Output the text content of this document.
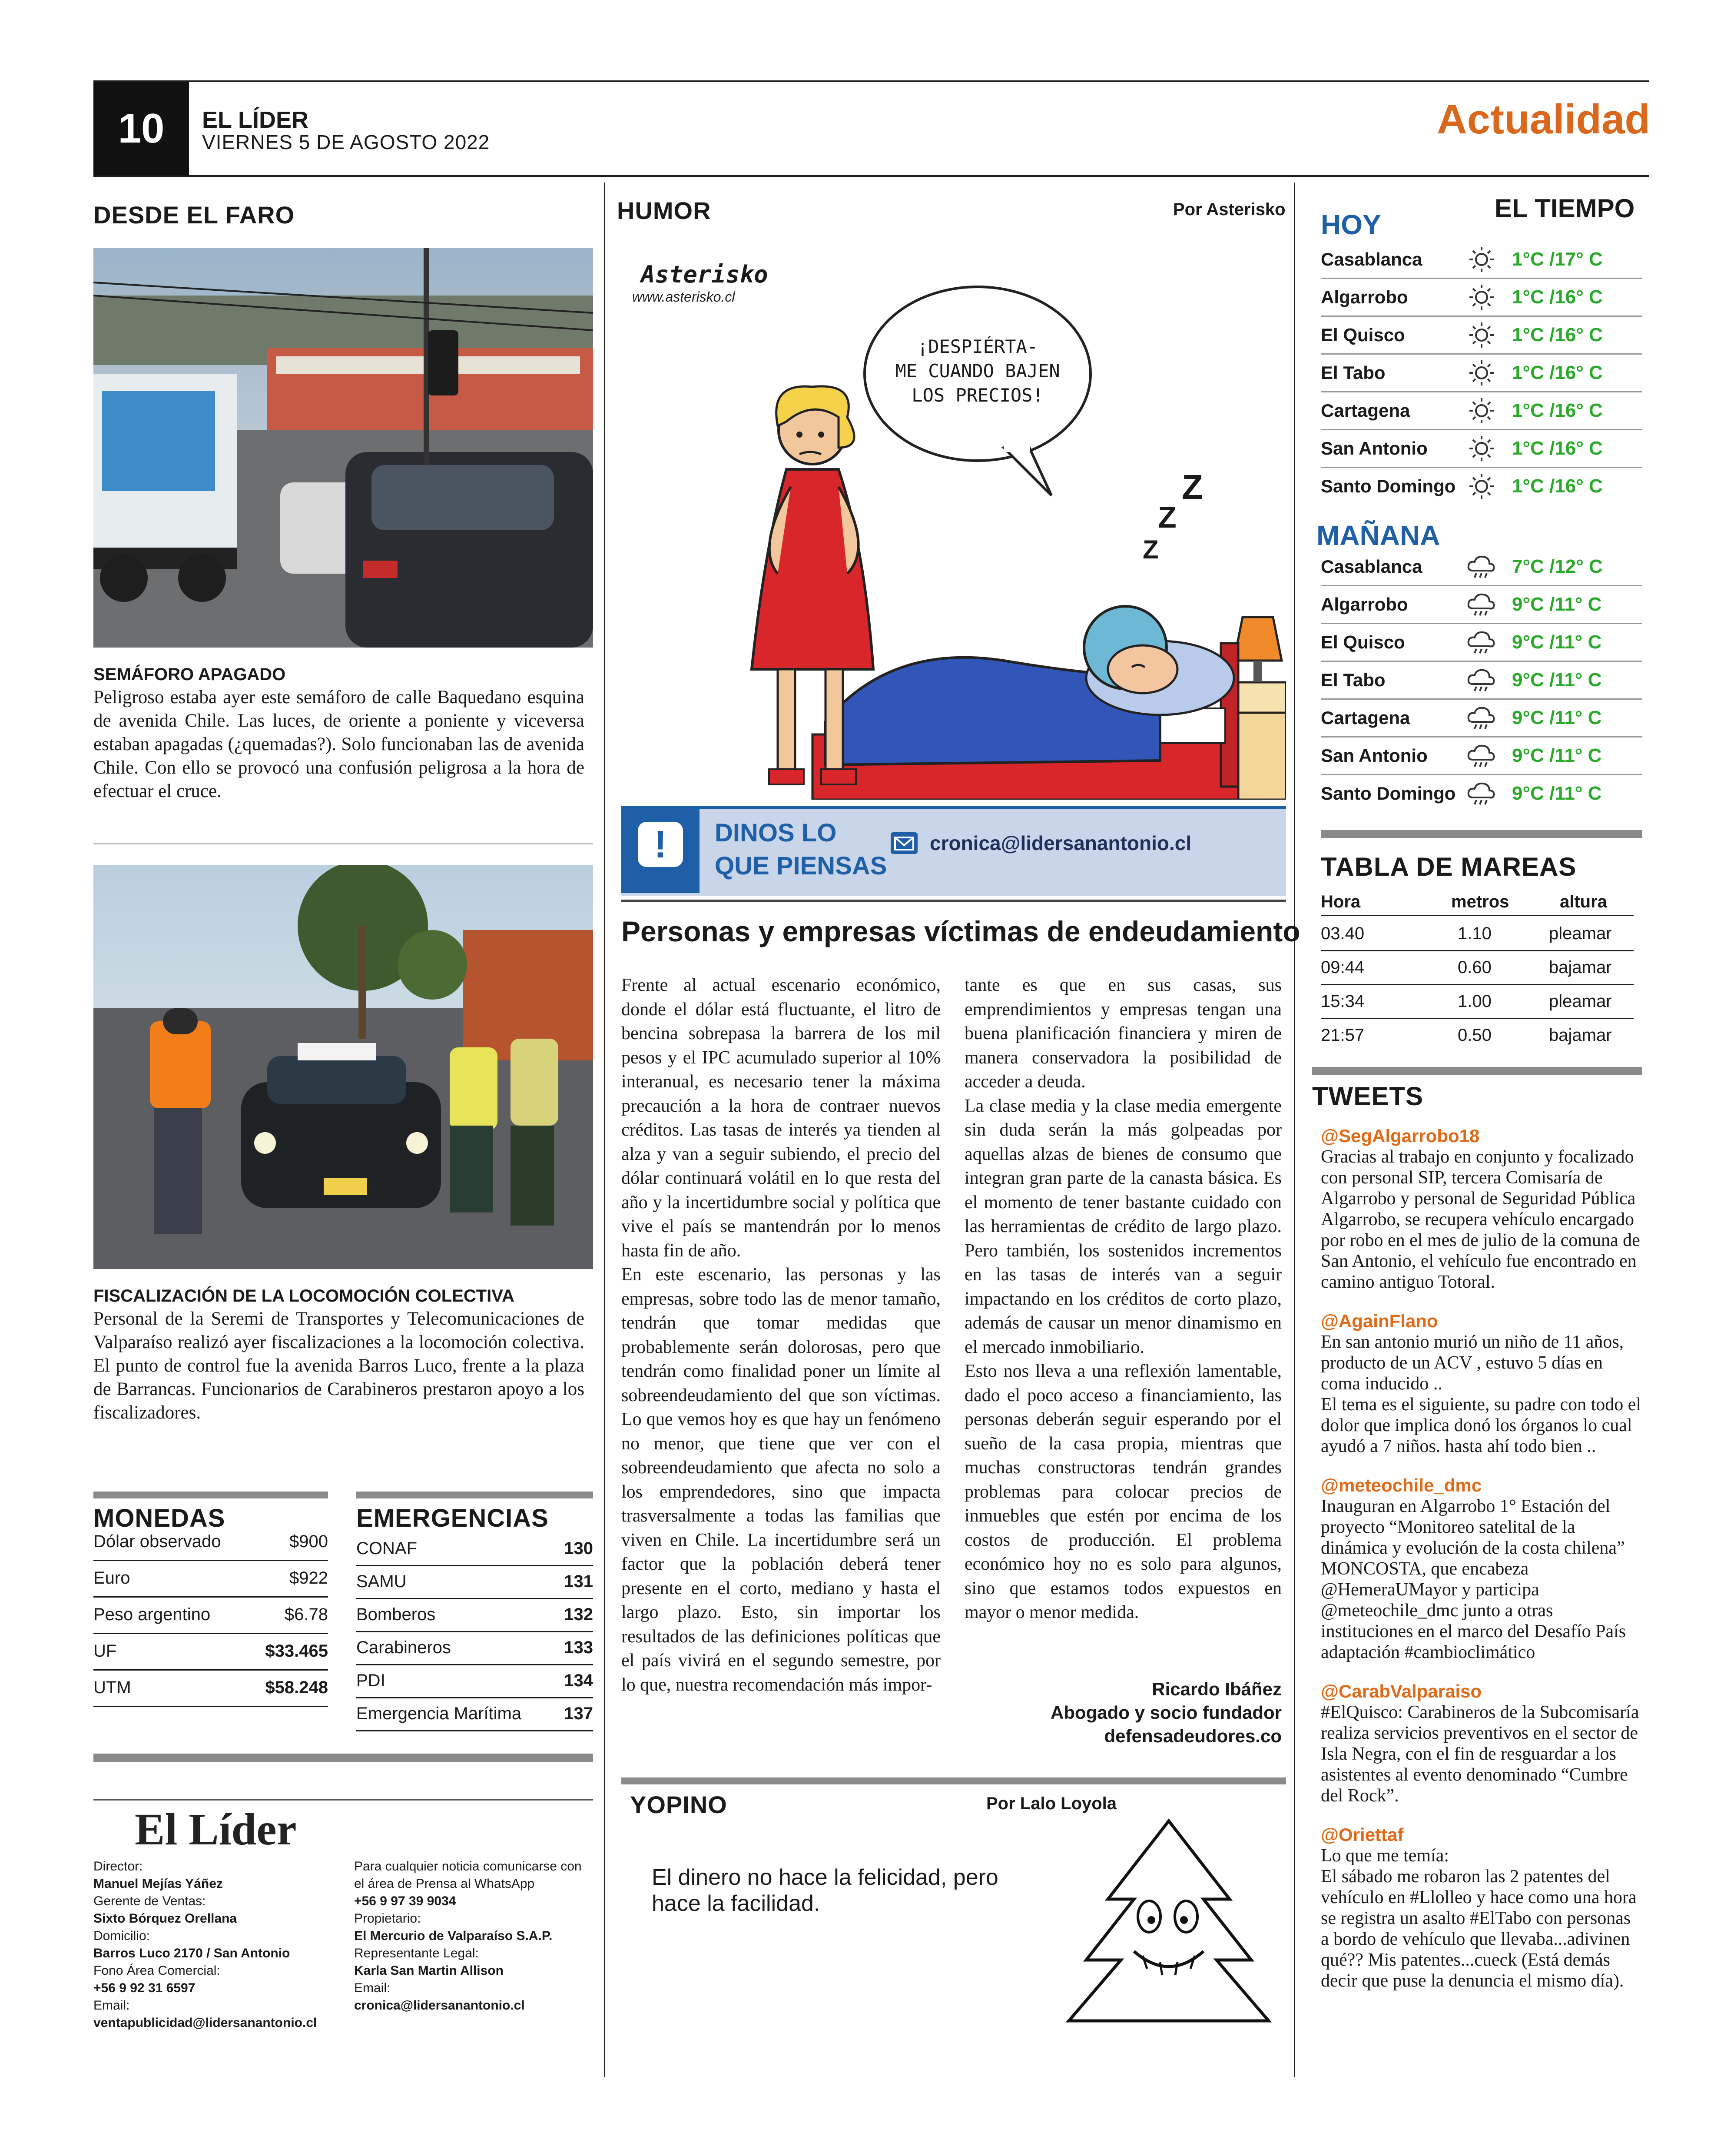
10 EL LÍDER
VIERNES 5 DE AGOSTO 2022	Actualidad
DESDE EL FARO
SEMÁFORO APAGADO
Peligroso estaba ayer este semáforo de calle Baquedano esquina de avenida Chile. Las luces, de oriente a poniente y viceversa estaban apagadas (¿quemadas?). Solo funcionaban las de avenida Chile. Con ello se provocó una confusión peligrosa a la hora de efectuar el cruce.
FISCALIZACIÓN DE LA LOCOMOCIÓN COLECTIVA
Personal de la Seremi de Transportes y Telecomunicaciones de Valparaíso realizó ayer fiscalizaciones a la locomoción colectiva. El punto de control fue la avenida Barros Luco, frente a la plaza de Barrancas. Funcionarios de Carabineros prestaron apoyo a los fiscalizadores.
MONEDAS
Dólar observado	$900
Euro	$922
Peso argentino	$6.78
UF	$33.465
UTM	$58.248
EMERGENCIAS
CONAF	130
SAMU	131
Bomberos	132
Carabineros	133
PDI	134
Emergencia Marítima	137
El Líder
Director:
Manuel Mejías Yáñez
Gerente de Ventas:
Sixto Bórquez Orellana
Domicilio:
Barros Luco 2170 / San Antonio
Fono Área Comercial:
+56 9 92 31 6597
Email:
ventapublicidad@lidersanantonio.cl
Para cualquier noticia comunicarse con el área de Prensa al WhatsApp
+56 9 97 39 9034
Propietario:
El Mercurio de Valparaíso S.A.P.
Representante Legal:
Karla San Martin Allison
Email:
cronica@lidersanantonio.cl
HUMOR	Por Asterisko
Asterisko
www.asterisko.cl
¡DESPIÉRTA-
ME CUANDO BAJEN
LOS PRECIOS!
Z
Z
Z
!	DINOS LO
QUE PIENSAS
cronica@lidersanantonio.cl
Personas y empresas víctimas de endeudamiento
Frente al actual escenario económico, donde el dólar está fluctuante, el litro de bencina sobrepasa la barrera de los mil pesos y el IPC acumulado superior al 10% interanual, es necesario tener la máxima precaución a la hora de contraer nuevos créditos. Las tasas de interés ya tienden al alza y van a seguir subiendo, el precio del dólar continuará volátil en lo que resta del año y la incertidumbre social y política que vive el país se mantendrán por lo menos hasta fin de año.
En este escenario, las personas y las empresas, sobre todo las de menor tamaño, tendrán que tomar medidas que probablemente serán dolorosas, pero que tendrán como finalidad poner un límite al sobreendeudamiento del que son víctimas. Lo que vemos hoy es que hay un fenómeno no menor, que tiene que ver con el sobreendeudamiento que afecta no solo a los emprendedores, sino que impacta trasversalmente a todas las familias que viven en Chile. La incertidumbre será un factor que la población deberá tener presente en el corto, mediano y hasta el largo plazo. Esto, sin importar los resultados de las definiciones políticas que el país vivirá en el segundo semestre, por lo que, nuestra recomendación más impor-
tante es que en sus casas, sus emprendimientos y empresas tengan una buena planificación financiera y miren de manera conservadora la posibilidad de acceder a deuda.
La clase media y la clase media emergente sin duda serán la más golpeadas por aquellas alzas de bienes de consumo que integran gran parte de la canasta básica. Es el momento de tener bastante cuidado con las herramientas de crédito de largo plazo. Pero también, los sostenidos incrementos en las tasas de interés van a seguir impactando en los créditos de corto plazo, además de causar un menor dinamismo en el mercado inmobiliario.
Esto nos lleva a una reflexión lamentable, dado el poco acceso a financiamiento, las personas deberán seguir esperando por el sueño de la casa propia, mientras que muchas constructoras tendrán grandes problemas para colocar precios de inmuebles que estén por encima de los costos de producción. El problema económico hoy no es solo para algunos, sino que estamos todos expuestos en mayor o menor medida.
Ricardo Ibáñez
Abogado y socio fundador
defensadeudores.co
YOPINO	Por Lalo Loyola
El dinero no hace la felicidad, pero hace la facilidad.
EL TIEMPO
HOY
Casablanca	1°C /17° C
Algarrobo	1°C /16° C
El Quisco	1°C /16° C
El Tabo	1°C /16° C
Cartagena	1°C /16° C
San Antonio	1°C /16° C
Santo Domingo	1°C /16° C
MAÑANA
Casablanca	7°C /12° C
Algarrobo	9°C /11° C
El Quisco	9°C /11° C
El Tabo	9°C /11° C
Cartagena	9°C /11° C
San Antonio	9°C /11° C
Santo Domingo	9°C /11° C
TABLA DE MAREAS
Hora	metros	altura
03.40	1.10	pleamar
09:44	0.60	bajamar
15:34	1.00	pleamar
21:57	0.50	bajamar
TWEETS
@SegAlgarrobo18
Gracias al trabajo en conjunto y focalizado con personal SIP, tercera Comisaría de Algarrobo y personal de Seguridad Pública Algarrobo, se recupera vehículo encargado por robo en el mes de julio de la comuna de San Antonio, el vehículo fue encontrado en camino antiguo Totoral.
@AgainFlano
En san antonio murió un niño de 11 años, producto de un ACV , estuvo 5 días en coma inducido ..
El tema es el siguiente, su padre con todo el dolor que implica donó los órganos lo cual ayudó a 7 niños. hasta ahí todo bien ..
@meteochile_dmc
Inauguran en Algarrobo 1° Estación del proyecto “Monitoreo satelital de la dinámica y evolución de la costa chilena” MONCOSTA, que encabeza @HemeraUMayor y participa @meteochile_dmc junto a otras instituciones en el marco del Desafío País adaptación #cambioclimático
@CarabValparaiso
#ElQuisco: Carabineros de la Subcomisaría realiza servicios preventivos en el sector de Isla Negra, con el fin de resguardar a los asistentes al evento denominado “Cumbre del Rock”.
@Oriettaf
Lo que me temía:
El sábado me robaron las 2 patentes del vehículo en #Llolleo y hace como una hora se registra un asalto #ElTabo con personas a bordo de vehículo que llevaba...adivinen qué?? Mis patentes...cueck (Está demás decir que puse la denuncia el mismo día).
